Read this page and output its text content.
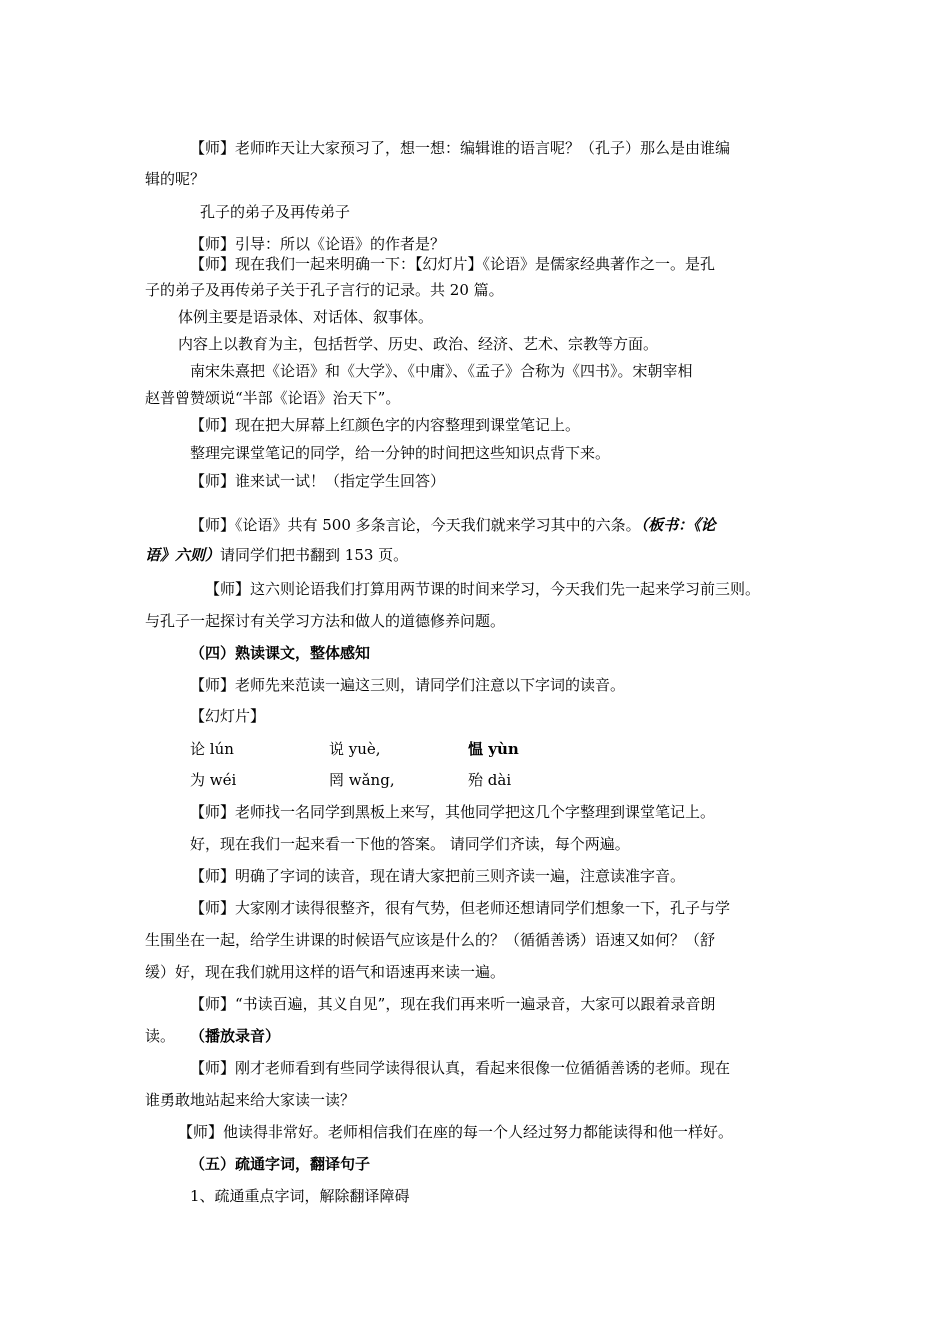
【师】老师昨天让大家预习了，想一想：编辑谁的语言呢？（孔子）那么是由谁编
辑的呢？
孔子的弟子及再传弟子
【师】引导：所以《论语》的作者是？
【师】现在我们一起来明确一下：【幻灯片】《论语》是儒家经典著作之一。是孔
子的弟子及再传弟子关于孔子言行的记录。共 20 篇。
体例主要是语录体、对话体、叙事体。
内容上以教育为主，包括哲学、历史、政治、经济、艺术、宗教等方面。
南宋朱熹把《论语》和《大学》、《中庸》、《孟子》合称为《四书》。宋朝宰相
赵普曾赞颂说“半部《论语》治天下”。
【师】现在把大屏幕上红颜色字的内容整理到课堂笔记上。
整理完课堂笔记的同学，给一分钟的时间把这些知识点背下来。
【师】谁来试一试！（指定学生回答）
【师】《论语》共有 500 多条言论，今天我们就来学习其中的六条。（板书：《论
语》六则）请同学们把书翻到 153 页。
【师】这六则论语我们打算用两节课的时间来学习，今天我们先一起来学习前三则。
与孔子一起探讨有关学习方法和做人的道德修养问题。
（四）熟读课文，整体感知
【师】老师先来范读一遍这三则，请同学们注意以下字词的读音。
【幻灯片】
论 lún	说 yuè,	愠 yùn
为 wéi	罔 wǎng,	殆 dài
【师】老师找一名同学到黑板上来写，其他同学把这几个字整理到课堂笔记上。
好，现在我们一起来看一下他的答案。 请同学们齐读，每个两遍。
【师】明确了字词的读音，现在请大家把前三则齐读一遍，注意读准字音。
【师】大家刚才读得很整齐，很有气势，但老师还想请同学们想象一下，孔子与学
生围坐在一起，给学生讲课的时候语气应该是什么的？（循循善诱）语速又如何？（舒
缓）好，现在我们就用这样的语气和语速再来读一遍。
【师】“书读百遍，其义自见”，现在我们再来听一遍录音，大家可以跟着录音朗
读。  （播放录音）
【师】刚才老师看到有些同学读得很认真，看起来很像一位循循善诱的老师。现在
谁勇敢地站起来给大家读一读？
【师】他读得非常好。老师相信我们在座的每一个人经过努力都能读得和他一样好。
（五）疏通字词，翻译句子
1、疏通重点字词，解除翻译障碍
